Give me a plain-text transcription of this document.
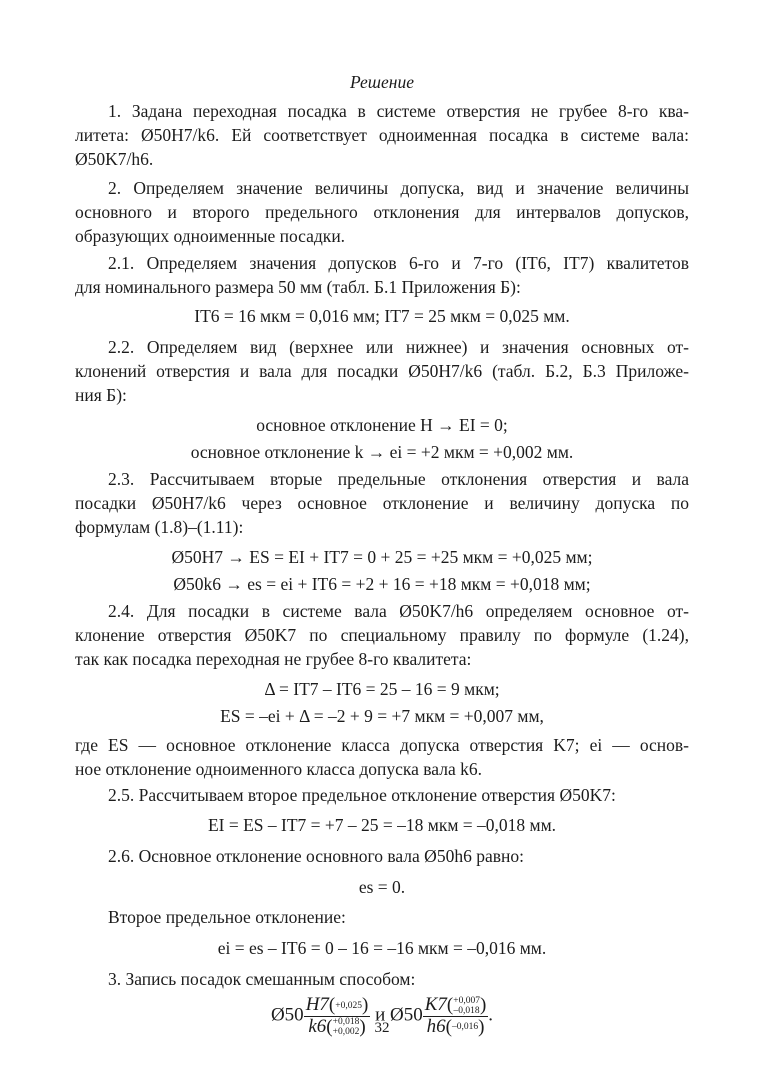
Решение
1. Задана переходная посадка в системе отверстия не грубее 8-го ква-
литета: Ø50H7/k6. Ей соответствует одноименная посадка в системе вала:
Ø50K7/h6.
2. Определяем значение величины допуска, вид и значение величины
основного и второго предельного отклонения для интервалов допусков,
образующих одноименные посадки.
2.1. Определяем значения допусков 6-го и 7-го (IT6, IT7) квалитетов
для номинального размера 50 мм (табл. Б.1 Приложения Б):
IT6 = 16 мкм = 0,016 мм; IT7 = 25 мкм = 0,025 мм.
2.2. Определяем вид (верхнее или нижнее) и значения основных от-
клонений отверстия и вала для посадки Ø50H7/k6 (табл. Б.2, Б.3 Приложе-
ния Б):
основное отклонение H → EI = 0;
основное отклонение k → ei = +2 мкм = +0,002 мм.
2.3. Рассчитываем вторые предельные отклонения отверстия и вала
посадки Ø50H7/k6 через основное отклонение и величину допуска по
формулам (1.8)–(1.11):
Ø50H7 → ES = EI + IT7 = 0 + 25 = +25 мкм = +0,025 мм;
Ø50k6 → es = ei + IT6 = +2 + 16 = +18 мкм = +0,018 мм;
2.4. Для посадки в системе вала Ø50K7/h6 определяем основное от-
клонение отверстия Ø50K7 по специальному правилу по формуле (1.24),
так как посадка переходная не грубее 8-го квалитета:
Δ = IT7 – IT6 = 25 – 16 = 9 мкм;
ES = –ei + Δ = –2 + 9 = +7 мкм = +0,007 мм,
где ES — основное отклонение класса допуска отверстия K7; ei — основ-
ное отклонение одноименного класса допуска вала k6.
2.5. Рассчитываем второе предельное отклонение отверстия Ø50K7:
EI = ES – IT7 = +7 – 25 = –18 мкм = –0,018 мм.
2.6. Основное отклонение основного вала Ø50h6 равно:
es = 0.
Второе предельное отклонение:
ei = es – IT6 = 0 – 16 = –16 мкм = –0,016 мм.
3. Запись посадок смешанным способом:
Ø50 H7( +0,025 )
k6( +0,018
+0,002 ) и Ø50 K7( +0,007
–0,018 )
h6( –0,016 ) .
32
